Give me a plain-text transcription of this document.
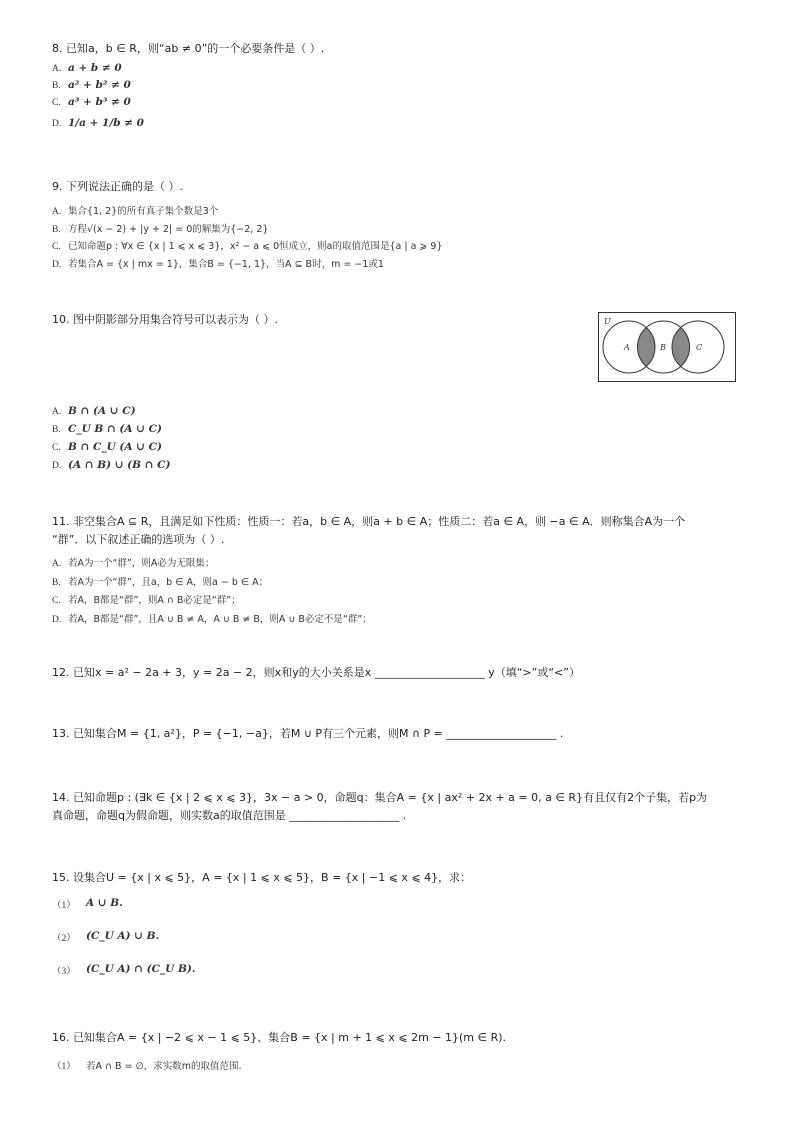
8. 已知a，b ∈ R，则“ab ≠ 0”的一个必要条件是（ ）.
A. a + b ≠ 0
B. a² + b² ≠ 0
C. a³ + b³ ≠ 0
D. 1/a + 1/b ≠ 0
9. 下列说法正确的是（ ）.
A. 集合{1, 2}的所有真子集个数是3个
B. 方程√(x − 2) + |y + 2| = 0的解集为{−2, 2}
C. 已知命题p : ∀x ∈ {x | 1 ⩽ x ⩽ 3}，x² − a ⩽ 0恒成立，则a的取值范围是{a | a ⩾ 9}
D. 若集合A = {x | mx = 1}，集合B = {−1, 1}，当A ⊆ B时，m = −1或1
10. 图中阴影部分用集合符号可以表示为（ ）.	U
A	B	C
A. B ∩ (A ∪ C)
B. C_U B ∩ (A ∪ C)
C. B ∩ C_U (A ∪ C)
D. (A ∩ B) ∪ (B ∩ C)
11. 非空集合A ⊆ R，且满足如下性质：性质一：若a，b ∈ A，则a + b ∈ A；性质二：若a ∈ A，则 −a ∈ A．则称集合A为一个
“群”．以下叙述正确的选项为（ ）.
A. 若A为一个“群”，则A必为无限集；
B. 若A为一个“群”，且a，b ∈ A，则a − b ∈ A；
C. 若A，B都是“群”，则A ∩ B必定是“群”；
D. 若A，B都是“群”，且A ∪ B ≠ A，A ∪ B ≠ B，则A ∪ B必定不是“群”；
12. 已知x = a² − 2a + 3，y = 2a − 2，则x和y的大小关系是x ____________________ y（填“>”或“<”）
13. 已知集合M = {1, a²}，P = {−1, −a}，若M ∪ P有三个元素，则M ∩ P = ____________________ .
14. 已知命题p : (∃k ∈ {x | 2 ⩽ x ⩽ 3}，3x − a > 0，命题q：集合A = {x | ax² + 2x + a = 0, a ∈ R}有且仅有2个子集，若p为
真命题，命题q为假命题，则实数a的取值范围是 ____________________ .
15. 设集合U = {x | x ⩽ 5}，A = {x | 1 ⩽ x ⩽ 5}，B = {x | −1 ⩽ x ⩽ 4}，求：
（1） A ∪ B.
（2） (C_U A) ∪ B.
（3） (C_U A) ∩ (C_U B).
16. 已知集合A = {x | −2 ⩽ x − 1 ⩽ 5}、集合B = {x | m + 1 ⩽ x ⩽ 2m − 1}(m ∈ R).
（1） 若A ∩ B = ∅，求实数m的取值范围.
